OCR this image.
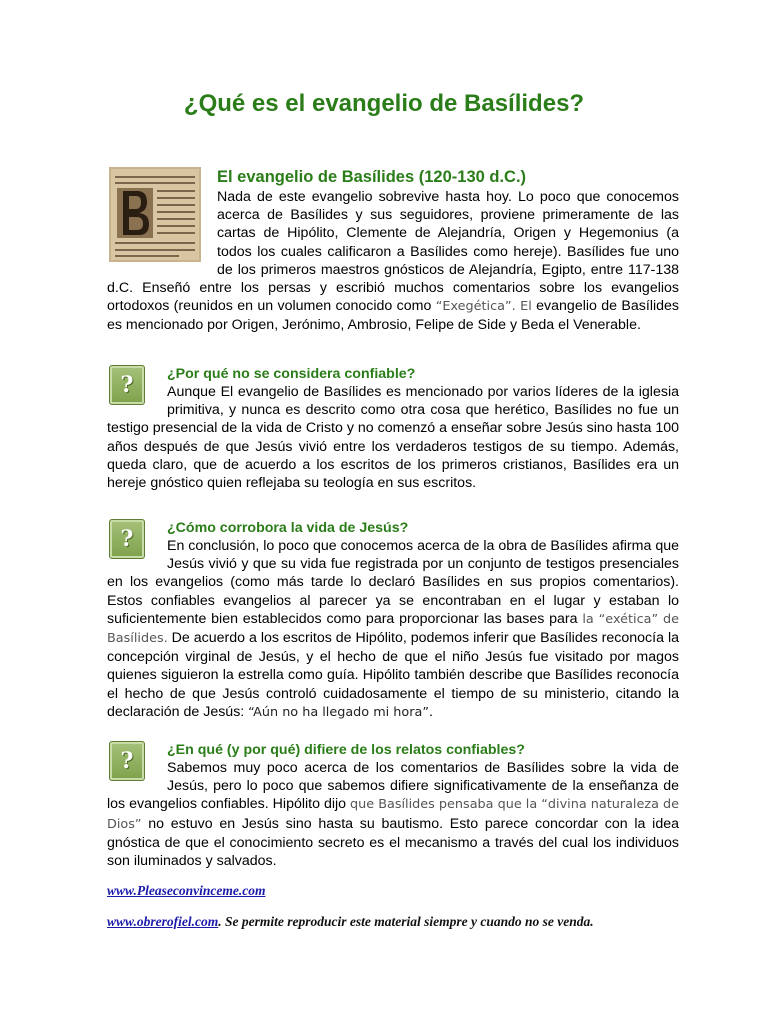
¿Qué es el evangelio de Basílides?
El evangelio de Basílides (120-130 d.C.)
Nada de este evangelio sobrevive hasta hoy. Lo poco que conocemos acerca de Basílides y sus seguidores, proviene primeramente de las cartas de Hipólito, Clemente de Alejandría, Origen y Hegemonius (a todos los cuales calificaron a Basílides como hereje). Basílides fue uno de los primeros maestros gnósticos de Alejandría, Egipto, entre 117-138 d.C. Enseñó entre los persas y escribió muchos comentarios sobre los evangelios ortodoxos (reunidos en un volumen conocido como “Exegética”. El evangelio de Basílides es mencionado por Origen, Jerónimo, Ambrosio, Felipe de Side y Beda el Venerable.
?	¿Por qué no se considera confiable?
Aunque El evangelio de Basílides es mencionado por varios líderes de la iglesia primitiva, y nunca es descrito como otra cosa que herético, Basílides no fue un testigo presencial de la vida de Cristo y no comenzó a enseñar sobre Jesús sino hasta 100 años después de que Jesús vivió entre los verdaderos testigos de su tiempo. Además, queda claro, que de acuerdo a los escritos de los primeros cristianos, Basílides era un hereje gnóstico quien reflejaba su teología en sus escritos.
?	¿Cómo corrobora la vida de Jesús?
En conclusión, lo poco que conocemos acerca de la obra de Basílides afirma que Jesús vivió y que su vida fue registrada por un conjunto de testigos presenciales en los evangelios (como más tarde lo declaró Basílides en sus propios comentarios). Estos confiables evangelios al parecer ya se encontraban en el lugar y estaban lo suficientemente bien establecidos como para proporcionar las bases para la “exética” de Basílides. De acuerdo a los escritos de Hipólito, podemos inferir que Basílides reconocía la concepción virginal de Jesús, y el hecho de que el niño Jesús fue visitado por magos quienes siguieron la estrella como guía. Hipólito también describe que Basílides reconocía el hecho de que Jesús controló cuidadosamente el tiempo de su ministerio, citando la declaración de Jesús: “Aún no ha llegado mi hora”.
?	¿En qué (y por qué) difiere de los relatos confiables?
Sabemos muy poco acerca de los comentarios de Basílides sobre la vida de Jesús, pero lo poco que sabemos difiere significativamente de la enseñanza de los evangelios confiables. Hipólito dijo que Basílides pensaba que la “divina naturaleza de Dios” no estuvo en Jesús sino hasta su bautismo. Esto parece concordar con la idea gnóstica de que el conocimiento secreto es el mecanismo a través del cual los individuos son iluminados y salvados.
www.Pleaseconvinceme.com
www.obrerofiel.com. Se permite reproducir este material siempre y cuando no se venda.
